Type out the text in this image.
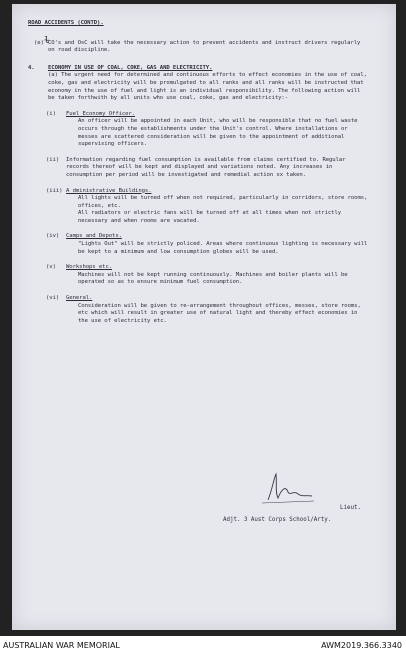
ɫ

ROAD ACCIDENTS (CONTD).

(e) CO's and OsC will take the necessary action to prevent accidents and instruct drivers regularly on road discipline.

4. ECONOMY IN USE OF COAL, COKE, GAS AND ELECTRICITY.

(a) The urgent need for determined and continuous efforts to effect economies in the use of coal, coke, gas and electricity will be promulgated to all ranks and all ranks will be instructed that economy in the use of fuel and light is an individual responsibility. The following action will be taken forthwith by all units who use coal, coke, gas and electricity:-

(i) Fuel Economy Officer.

An officer will be appointed in each Unit, who will be responsible that no fuel waste occurs through the establishments under the Unit's control. Where installations or messes are scattered consideration will be given to the appointment of additional supervising officers.

(ii) Information regarding fuel consumption is available from claims certified to. Regular records thereof will be kept and displayed and variations noted. Any increases in consumption per period will be investigated and remedial action xx taken.

(iii) A dministrative Buildings.

All lights will be turned off when not required, particularly in corridors, store rooms, offices, etc.

All radiators or electric fans will be turned off at all times when not strictly necessary and when rooms are vacated.

(iv) Camps and Depots.

"Lights Out" will be strictly policed. Areas where continuous lighting is necessary will be kept to a minimum and low consumption globes will be used.

(v) Workshops etc.

Machines will not be kept running continuously. Machines and boiler plants will be operated so as to ensure minimum fuel consumption.

(vi) General.

Consideration will be given to re-arrangement throughout offices, messes, store rooms, etc which will result in greater use of natural light and thereby effect economies in the use of electricity etc.

Lieut.
Adjt. 3 Aust Corps School/Arty.
AUSTRALIAN WAR MEMORIAL	AWM2019.366.3340
